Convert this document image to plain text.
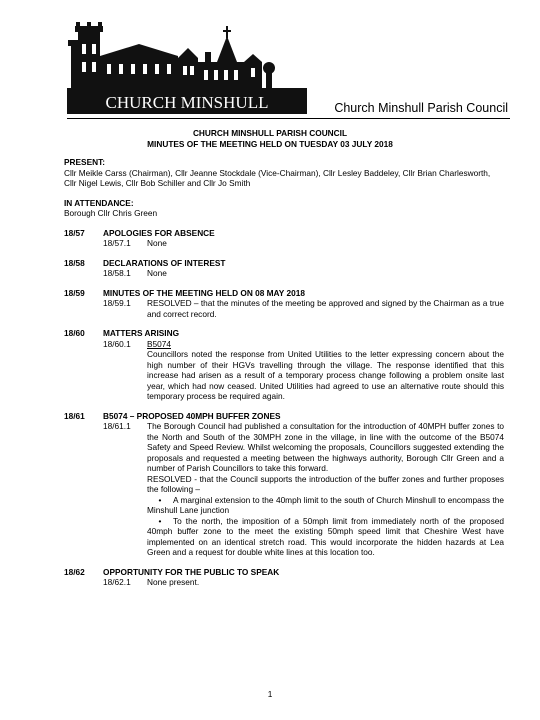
CHURCH MINSHULL	Church Minshull Parish Council
CHURCH MINSHULL PARISH COUNCIL
MINUTES OF THE MEETING HELD ON TUESDAY 03 JULY 2018
PRESENT:
Cllr Meikle Carss (Chairman), Cllr Jeanne Stockdale (Vice-Chairman), Cllr Lesley Baddeley, Cllr Brian Charlesworth, Cllr Nigel Lewis, Cllr Bob Schiller and Cllr Jo Smith
IN ATTENDANCE:
Borough Cllr Chris Green
18/57	APOLOGIES FOR ABSENCE
18/57.1	None
18/58	DECLARATIONS OF INTEREST
18/58.1	None
18/59	MINUTES OF THE MEETING HELD ON 08 MAY 2018
18/59.1	RESOLVED – that the minutes of the meeting be approved and signed by the Chairman as a true and correct record.
18/60	MATTERS ARISING
18/60.1	B5074
Councillors noted the response from United Utilities to the letter expressing concern about the high number of their HGVs travelling through the village. The response identified that this increase had arisen as a result of a temporary process change following a problem onsite last year, which had now ceased. United Utilities had agreed to use an alternative route should this temporary process be required again.
18/61	B5074 – PROPOSED 40MPH BUFFER ZONES
18/61.1	The Borough Council had published a consultation for the introduction of 40MPH buffer zones to the North and South of the 30MPH zone in the village, in line with the outcome of the B5074 Safety and Speed Review. Whilst welcoming the proposals, Councillors suggested extending the proposals and requested a meeting between the highways authority, Borough Cllr Green and a number of Parish Councillors to take this forward.
RESOLVED - that the Council supports the introduction of the buffer zones and further proposes the following –
• A marginal extension to the 40mph limit to the south of Church Minshull to encompass the Minshull Lane junction
• To the north, the imposition of a 50mph limit from immediately north of the proposed 40mph buffer zone to the meet the existing 50mph speed limit that Cheshire West have implemented on an identical stretch road. This would incorporate the hidden hazards at Lea Green and a request for double white lines at this location too.
18/62	OPPORTUNITY FOR THE PUBLIC TO SPEAK
18/62.1	None present.
1
